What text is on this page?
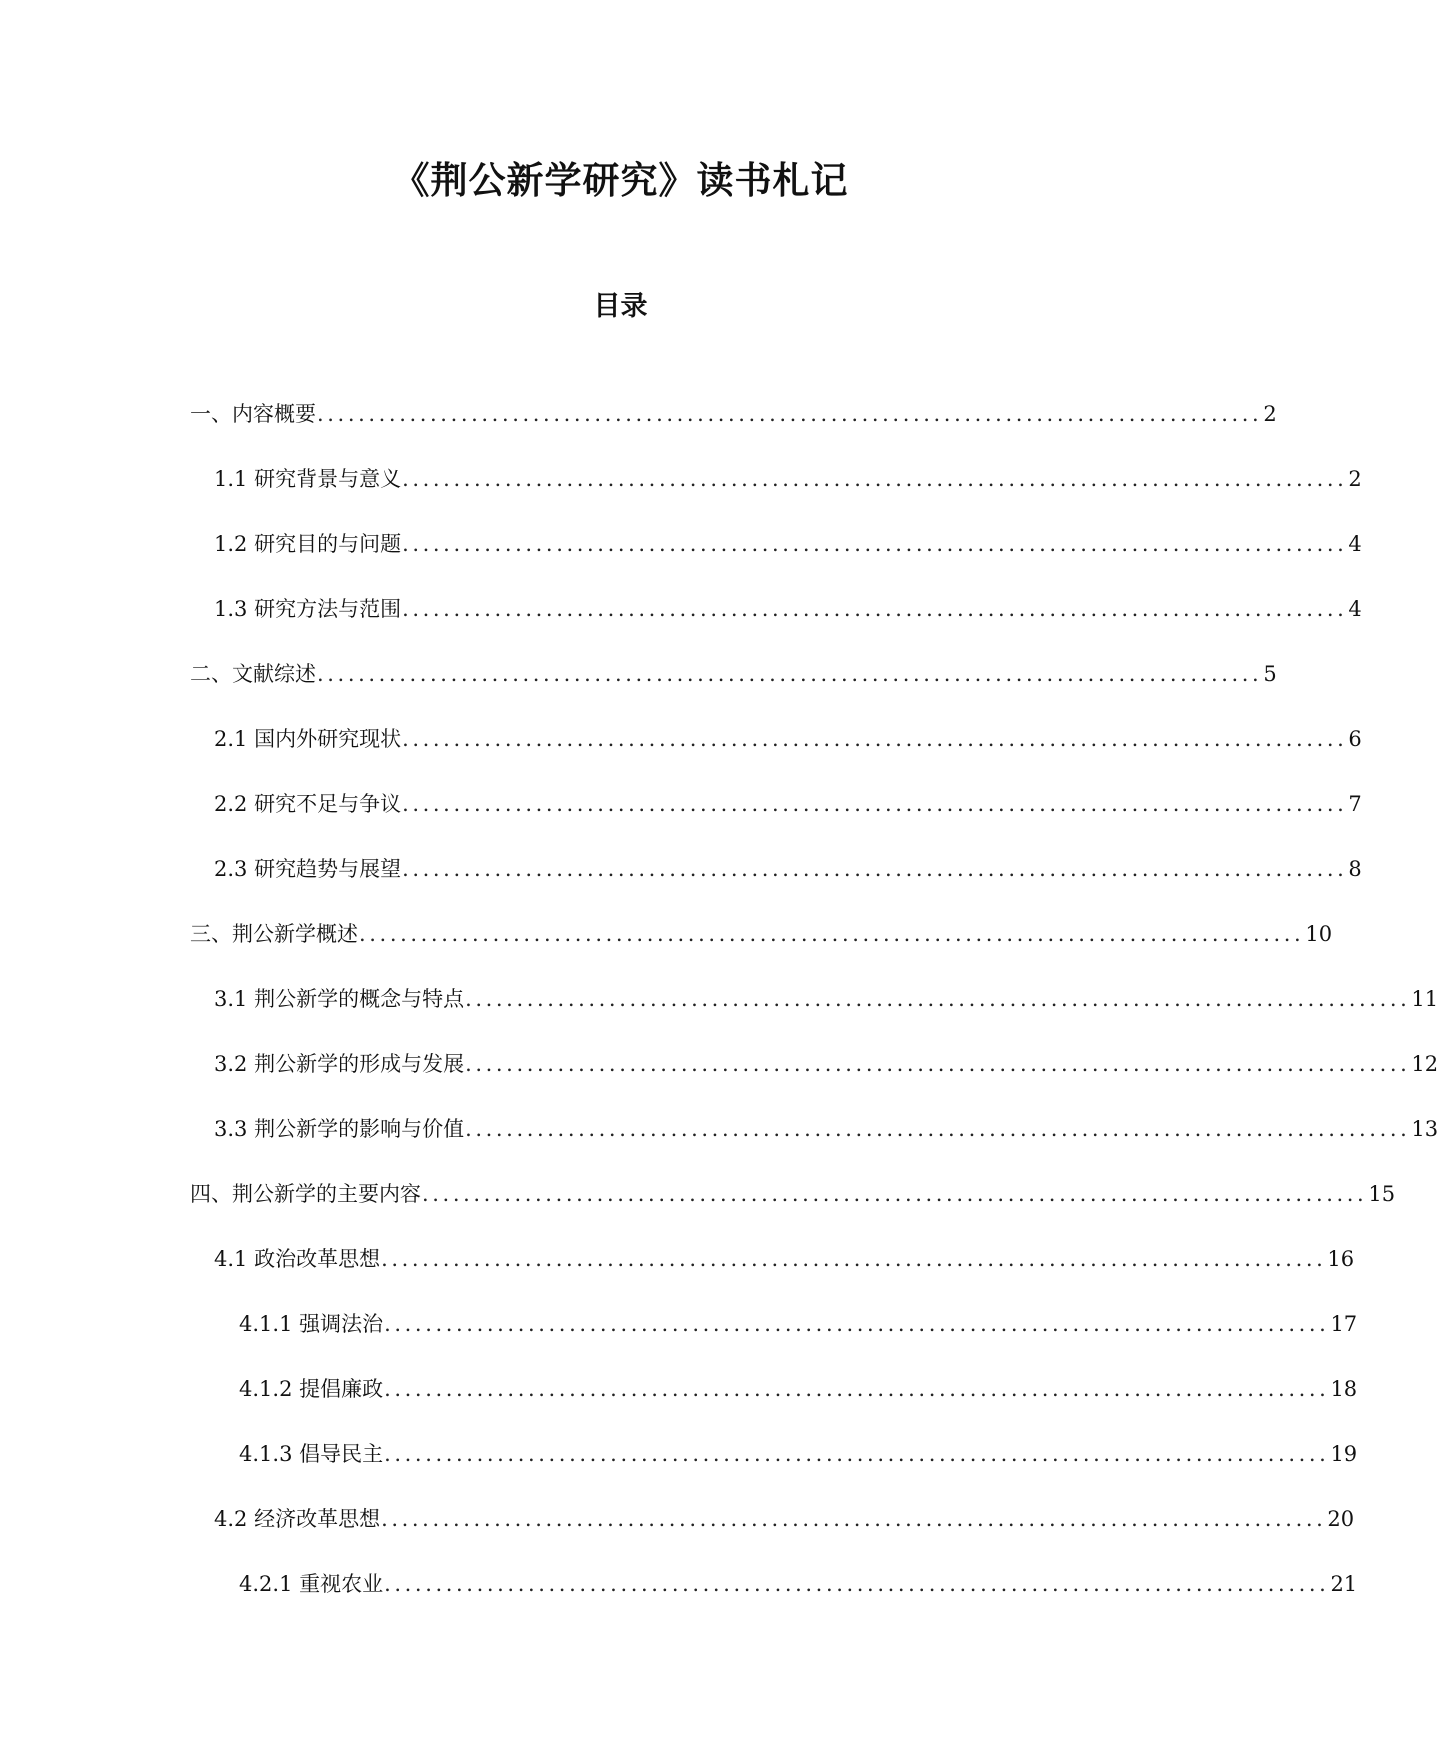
《荆公新学研究》读书札记
目录
一、 内容概要 ............................................................................................ 2
1.1 研究背景与意义 ............................................................................................ 2
1.2 研究目的与问题 ............................................................................................ 4
1.3 研究方法与范围 ............................................................................................ 4
二、 文献综述 ............................................................................................ 5
2.1 国内外研究现状 ............................................................................................ 6
2.2 研究不足与争议 ............................................................................................ 7
2.3 研究趋势与展望 ............................................................................................ 8
三、 荆公新学概述 ............................................................................................ 10
3.1 荆公新学的概念与特点 ............................................................................................ 11
3.2 荆公新学的形成与发展 ............................................................................................ 12
3.3 荆公新学的影响与价值 ............................................................................................ 13
四、 荆公新学的主要内容 ............................................................................................ 15
4.1 政治改革思想 ............................................................................................ 16
4.1.1 强调法治 ............................................................................................ 17
4.1.2 提倡廉政 ............................................................................................ 18
4.1.3 倡导民主 ............................................................................................ 19
4.2 经济改革思想 ............................................................................................ 20
4.2.1 重视农业 ............................................................................................ 21
